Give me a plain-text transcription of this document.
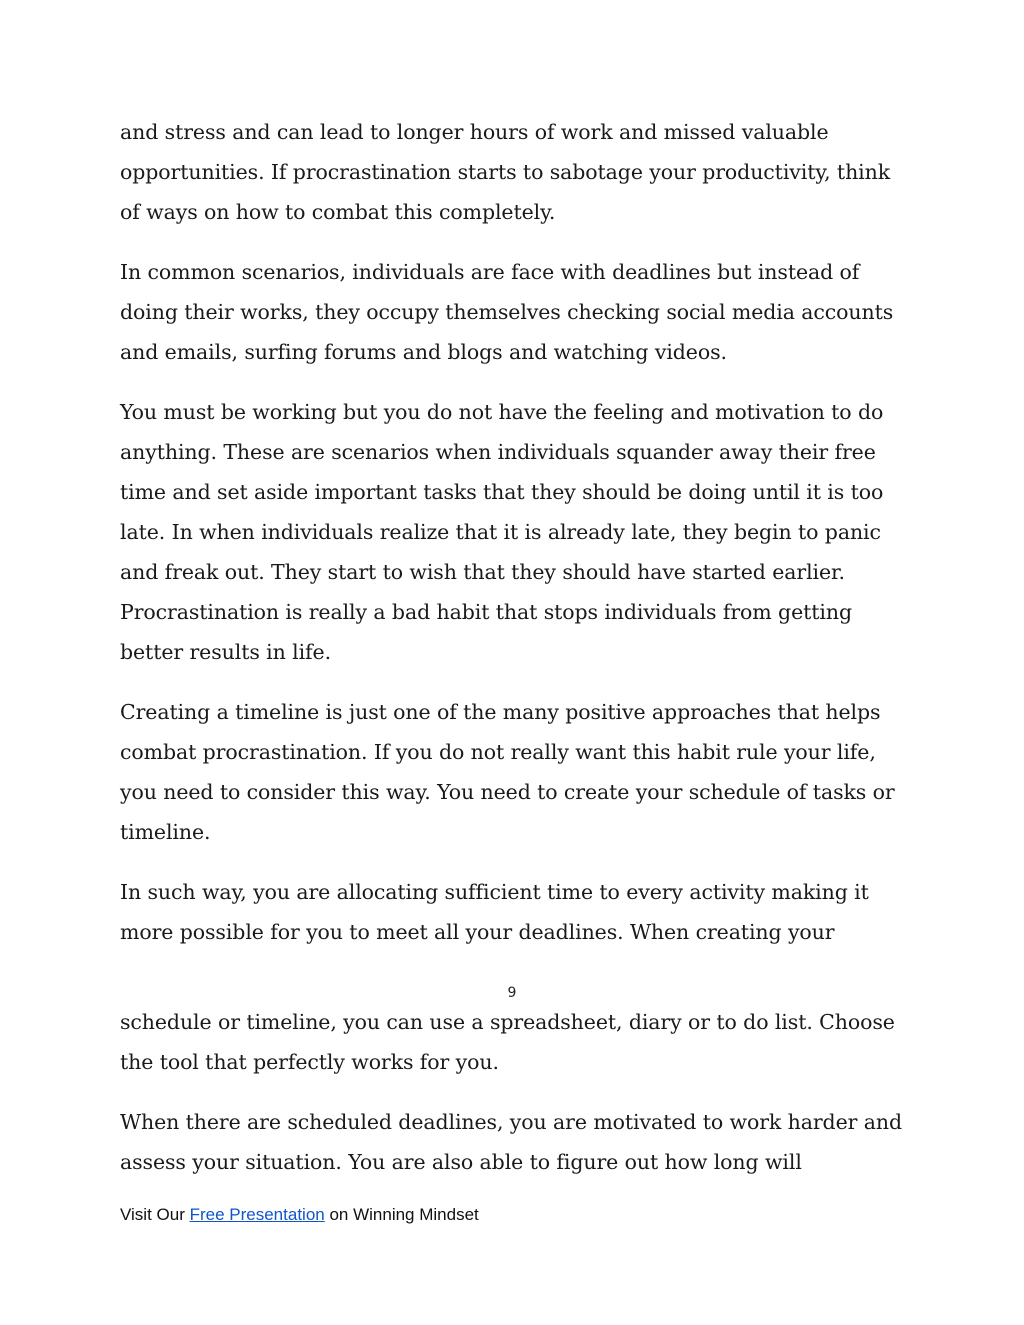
and stress and can lead to longer hours of work and missed valuable opportunities. If procrastination starts to sabotage your productivity, think of ways on how to combat this completely.

In common scenarios, individuals are face with deadlines but instead of doing their works, they occupy themselves checking social media accounts and emails, surfing forums and blogs and watching videos.

You must be working but you do not have the feeling and motivation to do anything. These are scenarios when individuals squander away their free time and set aside important tasks that they should be doing until it is too late. In when individuals realize that it is already late, they begin to panic and freak out. They start to wish that they should have started earlier. Procrastination is really a bad habit that stops individuals from getting better results in life.

Creating a timeline is just one of the many positive approaches that helps combat procrastination. If you do not really want this habit rule your life, you need to consider this way. You need to create your schedule of tasks or timeline.

In such way, you are allocating sufficient time to every activity making it more possible for you to meet all your deadlines. When creating your

9

schedule or timeline, you can use a spreadsheet, diary or to do list. Choose the tool that perfectly works for you.

When there are scheduled deadlines, you are motivated to work harder and assess your situation. You are also able to figure out how long will

Visit Our Free Presentation on Winning Mindset
